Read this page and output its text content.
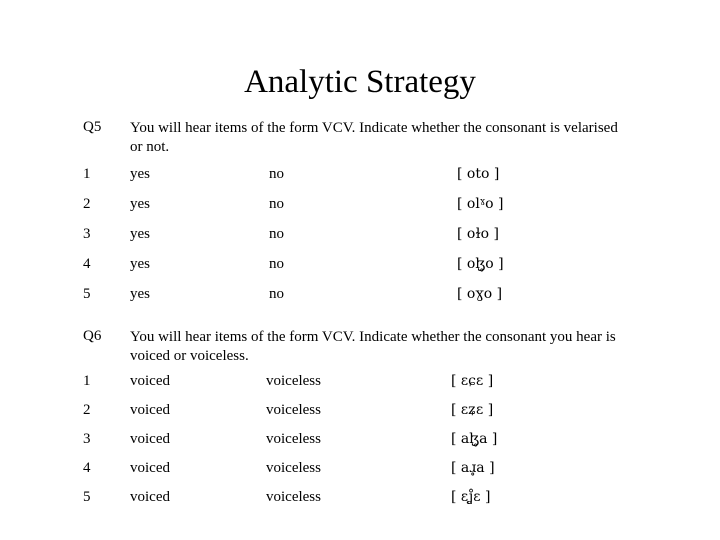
Analytic Strategy
Q5 You will hear items of the form VCV. Indicate whether the consonant is velarised or not.
1	yes	no	[ oto ]
2	yes	no	[ olˠo ]
3	yes	no	[ oɫo ]
4	yes	no	[ oɮ̥o ]
5	yes	no	[ oɣo ]
Q6 You will hear items of the form VCV. Indicate whether the consonant you hear is voiced or voiceless.
1	voiced	voiceless	[ ɛɕɛ ]
2	voiced	voiceless	[ ɛʑɛ ]
3	voiced	voiceless	[ aɮ̥a ]
4	voiced	voiceless	[ aɹ̥a ]
5	voiced	voiceless	[ ɛʝ̊ɛ ]
